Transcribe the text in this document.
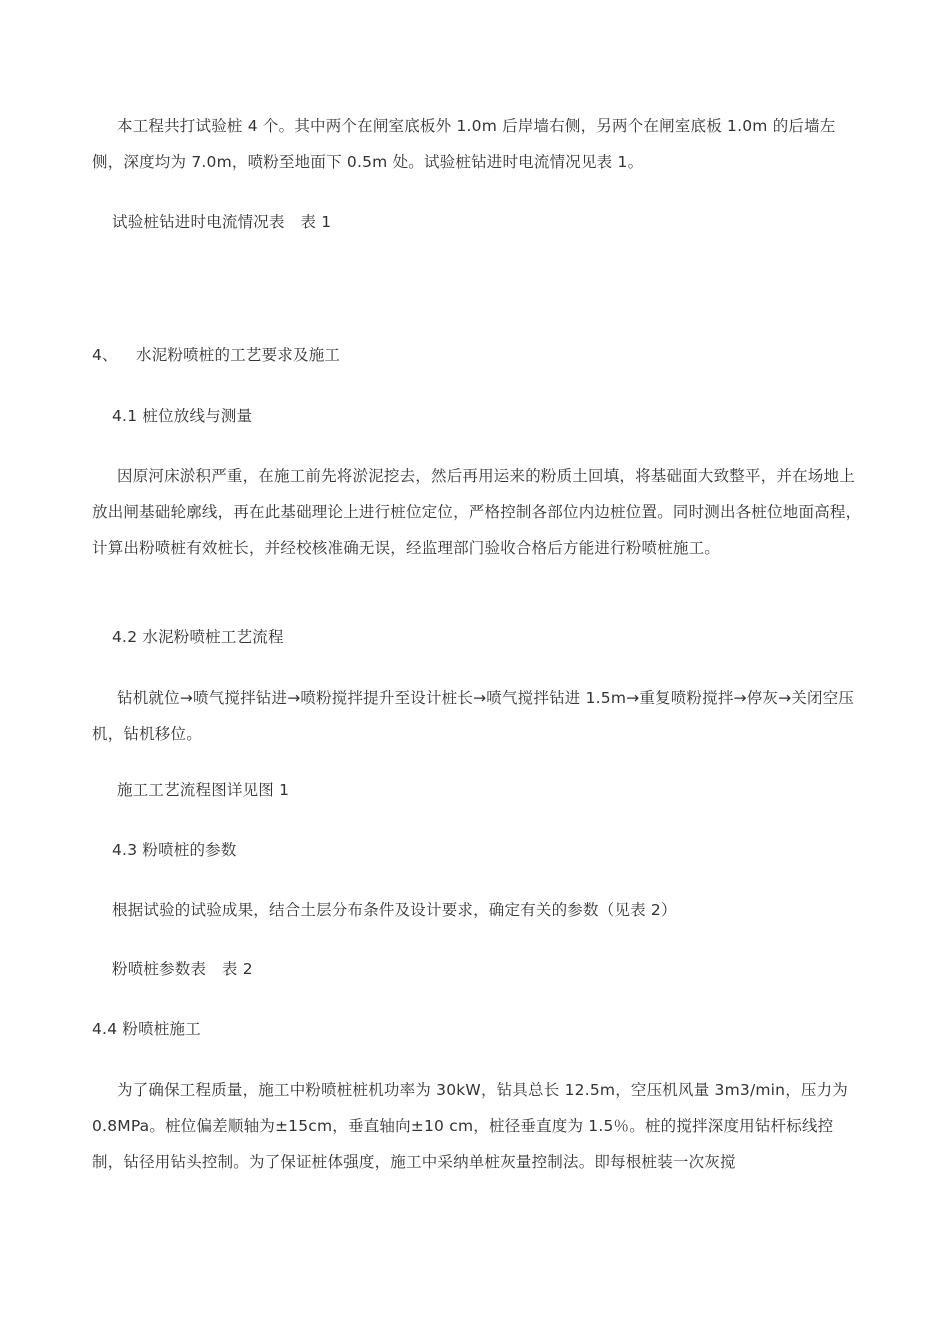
本工程共打试验桩 4 个。其中两个在闸室底板外 1.0m 后岸墙右侧，另两个在闸室底板 1.0m 的后墙左侧，深度均为 7.0m，喷粉至地面下 0.5m 处。试验桩钻进时电流情况见表 1。

试验桩钻进时电流情况表　表 1

4、 水泥粉喷桩的工艺要求及施工

4.1 桩位放线与测量

因原河床淤积严重，在施工前先将淤泥挖去，然后再用运来的粉质土回填，将基础面大致整平，并在场地上放出闸基础轮廓线，再在此基础理论上进行桩位定位，严格控制各部位内边桩位置。同时测出各桩位地面高程，计算出粉喷桩有效桩长，并经校核准确无误，经监理部门验收合格后方能进行粉喷桩施工。

4.2 水泥粉喷桩工艺流程

钻机就位→喷气搅拌钻进→喷粉搅拌提升至设计桩长→喷气搅拌钻进 1.5m→重复喷粉搅拌→停灰→关闭空压机，钻机移位。

施工工艺流程图详见图 1

4.3 粉喷桩的参数

根据试验的试验成果，结合土层分布条件及设计要求，确定有关的参数（见表 2）

粉喷桩参数表　表 2

4.4 粉喷桩施工

为了确保工程质量，施工中粉喷桩桩机功率为 30kW，钻具总长 12.5m，空压机风量 3m3/min，压力为 0.8MPa。桩位偏差顺轴为±15cm，垂直轴向±10 cm，桩径垂直度为 1.5％。桩的搅拌深度用钻杆标线控制，钻径用钻头控制。为了保证桩体强度，施工中采纳单桩灰量控制法。即每根桩装一次灰搅
